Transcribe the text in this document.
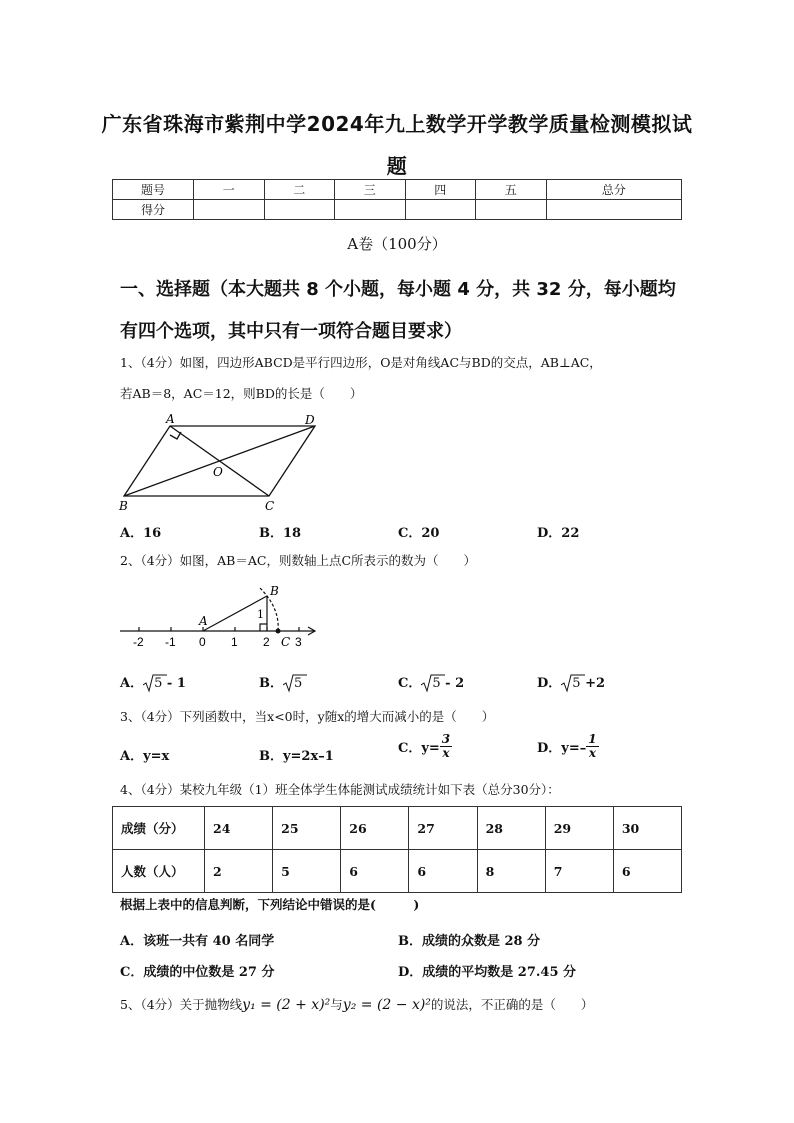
广东省珠海市紫荆中学2024年九上数学开学教学质量检测模拟试
题
题号	一	二	三	四	五	总分
得分						
A卷（100分）
一、选择题（本大题共 8 个小题，每小题 4 分，共 32 分，每小题均
有四个选项，其中只有一项符合题目要求）
1、（4分）如图，四边形ABCD是平行四边形，O是对角线AC与BD的交点，AB⊥AC，
若AB＝8，AC＝12，则BD的长是（　　）
A	D
B	C
O
A．16	B．18	C．20	D．22
2、（4分）如图，AB＝AC，则数轴上点C所表示的数为（　　）
-2 -1 0 1 2 3
A
B
1
C
A． 5 - 1	B． 5	C． 5 - 2	D． 5 +2
3、（4分）下列函数中，当x<0时，y随x的增大而减小的是（　　）
A．y=x	B．y=2x–1
C．$y= \frac{3}{x}$	D．$y=- \frac{1}{x}$
4、（4分）某校九年级（1）班全体学生体能测试成绩统计如下表（总分30分）：
成绩（分）	24	25	26	27	28	29	30
人数（人）	2	5	6	6	8	7	6
根据上表中的信息判断，下列结论中错误的是(　　　)
A．该班一共有 40 名同学	B．成绩的众数是 28 分
C．成绩的中位数是 27 分	D．成绩的平均数是 27.45 分
5、（4分）关于抛物线y₁ = (2 + x)²与y₂ = (2 − x)²的说法，不正确的是（　　）
